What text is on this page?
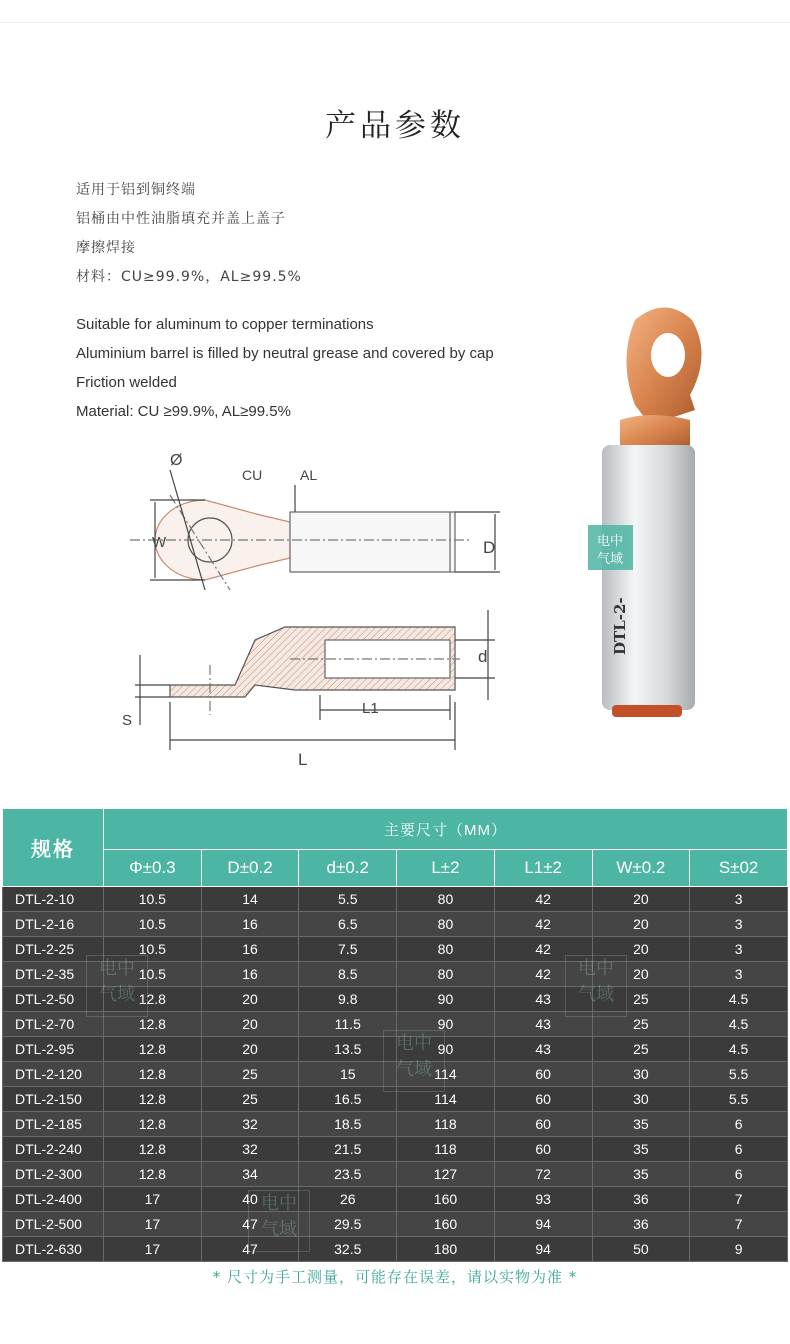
产品参数
适用于铝到铜终端
铝桶由中性油脂填充并盖上盖子
摩擦焊接
材料：CU≥99.9%，AL≥99.5%
Suitable for aluminum to copper terminations
Aluminium barrel is filled by neutral grease and covered by cap
Friction welded
Material: CU ≥99.9%, AL≥99.5%
W	D
Ø
CU	AL
d
S
L1
L
DTL-2-
电中
气域
规格	主要尺寸（MM）						
	Φ±0.3	D±0.2	d±0.2	L±2	L1±2	W±0.2	S±02
DTL-2-10	10.5	14	5.5	80	42	20	3
DTL-2-16	10.5	16	6.5	80	42	20	3
DTL-2-25	10.5	16	7.5	80	42	20	3
DTL-2-35	10.5	16	8.5	80	42	20	3
DTL-2-50	12.8	20	9.8	90	43	25	4.5
DTL-2-70	12.8	20	11.5	90	43	25	4.5
DTL-2-95	12.8	20	13.5	90	43	25	4.5
DTL-2-120	12.8	25	15	114	60	30	5.5
DTL-2-150	12.8	25	16.5	114	60	30	5.5
DTL-2-185	12.8	32	18.5	118	60	35	6
DTL-2-240	12.8	32	21.5	118	60	35	6
DTL-2-300	12.8	34	23.5	127	72	35	6
DTL-2-400	17	40	26	160	93	36	7
DTL-2-500	17	47	29.5	160	94	36	7
DTL-2-630	17	47	32.5	180	94	50	9
电中
气域
电中
气域
电中
气域
电中
气域
* 尺寸为手工测量，可能存在误差，请以实物为准 *
